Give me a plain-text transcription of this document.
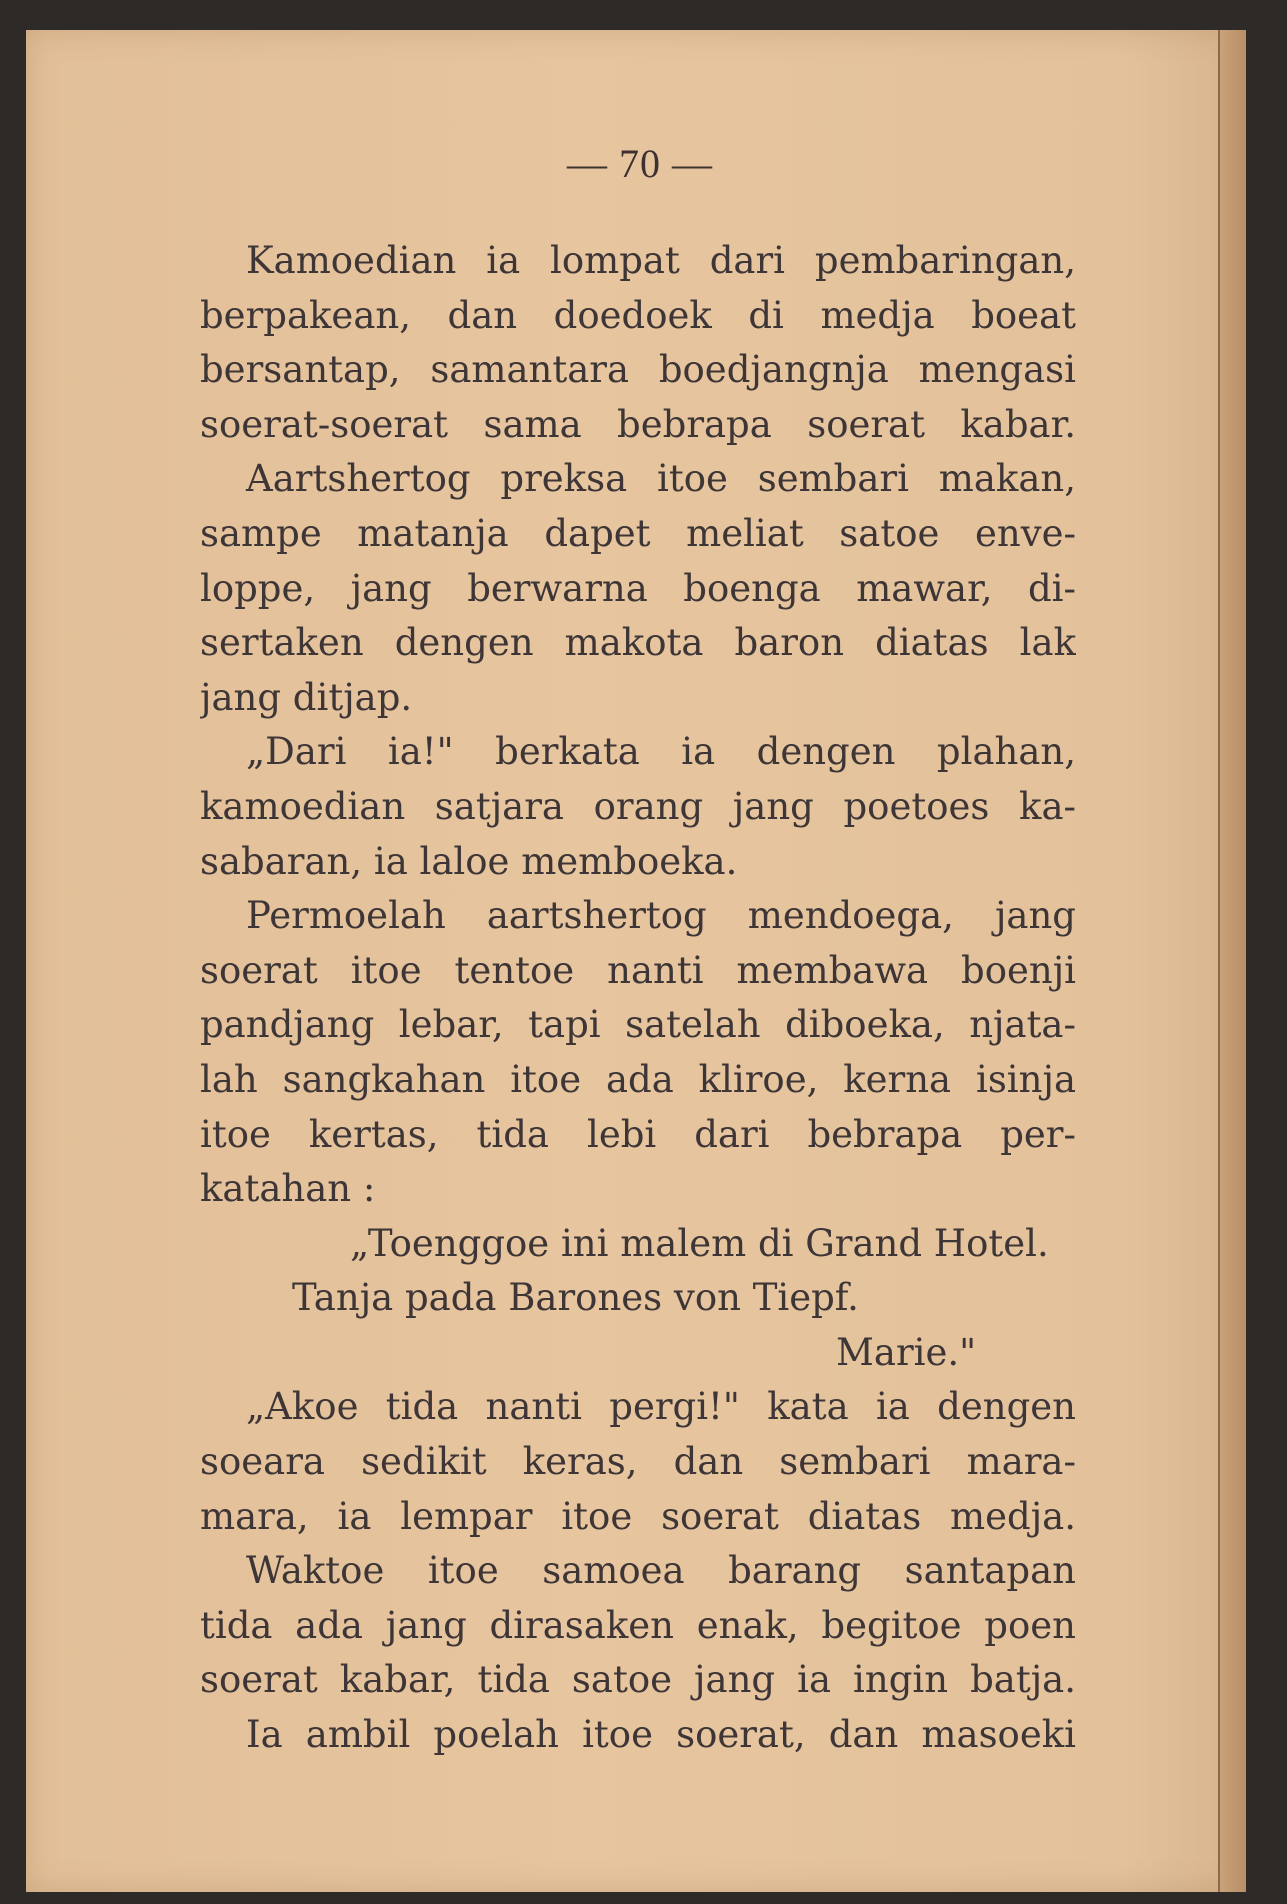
— 70 —
Kamoedian ia lompat dari pembaringan,
berpakean, dan doedoek di medja boeat
bersantap, samantara boedjangnja mengasi
soerat-soerat sama bebrapa soerat kabar.
Aartshertog preksa itoe sembari makan,
sampe matanja dapet meliat satoe enve-
loppe, jang berwarna boenga mawar, di-
sertaken dengen makota baron diatas lak
jang ditjap.
„Dari ia!" berkata ia dengen plahan,
kamoedian satjara orang jang poetoes ka-
sabaran, ia laloe memboeka.
Permoelah aartshertog mendoega, jang
soerat itoe tentoe nanti membawa boenji
pandjang lebar, tapi satelah diboeka, njata-
lah sangkahan itoe ada kliroe, kerna isinja
itoe kertas, tida lebi dari bebrapa per-
katahan :
„Toenggoe ini malem di Grand Hotel.
Tanja pada Barones von Tiepf.
Marie."
„Akoe tida nanti pergi!" kata ia dengen
soeara sedikit keras, dan sembari mara-
mara, ia lempar itoe soerat diatas medja.
Waktoe itoe samoea barang santapan
tida ada jang dirasaken enak, begitoe poen
soerat kabar, tida satoe jang ia ingin batja.
Ia ambil poelah itoe soerat, dan masoeki
